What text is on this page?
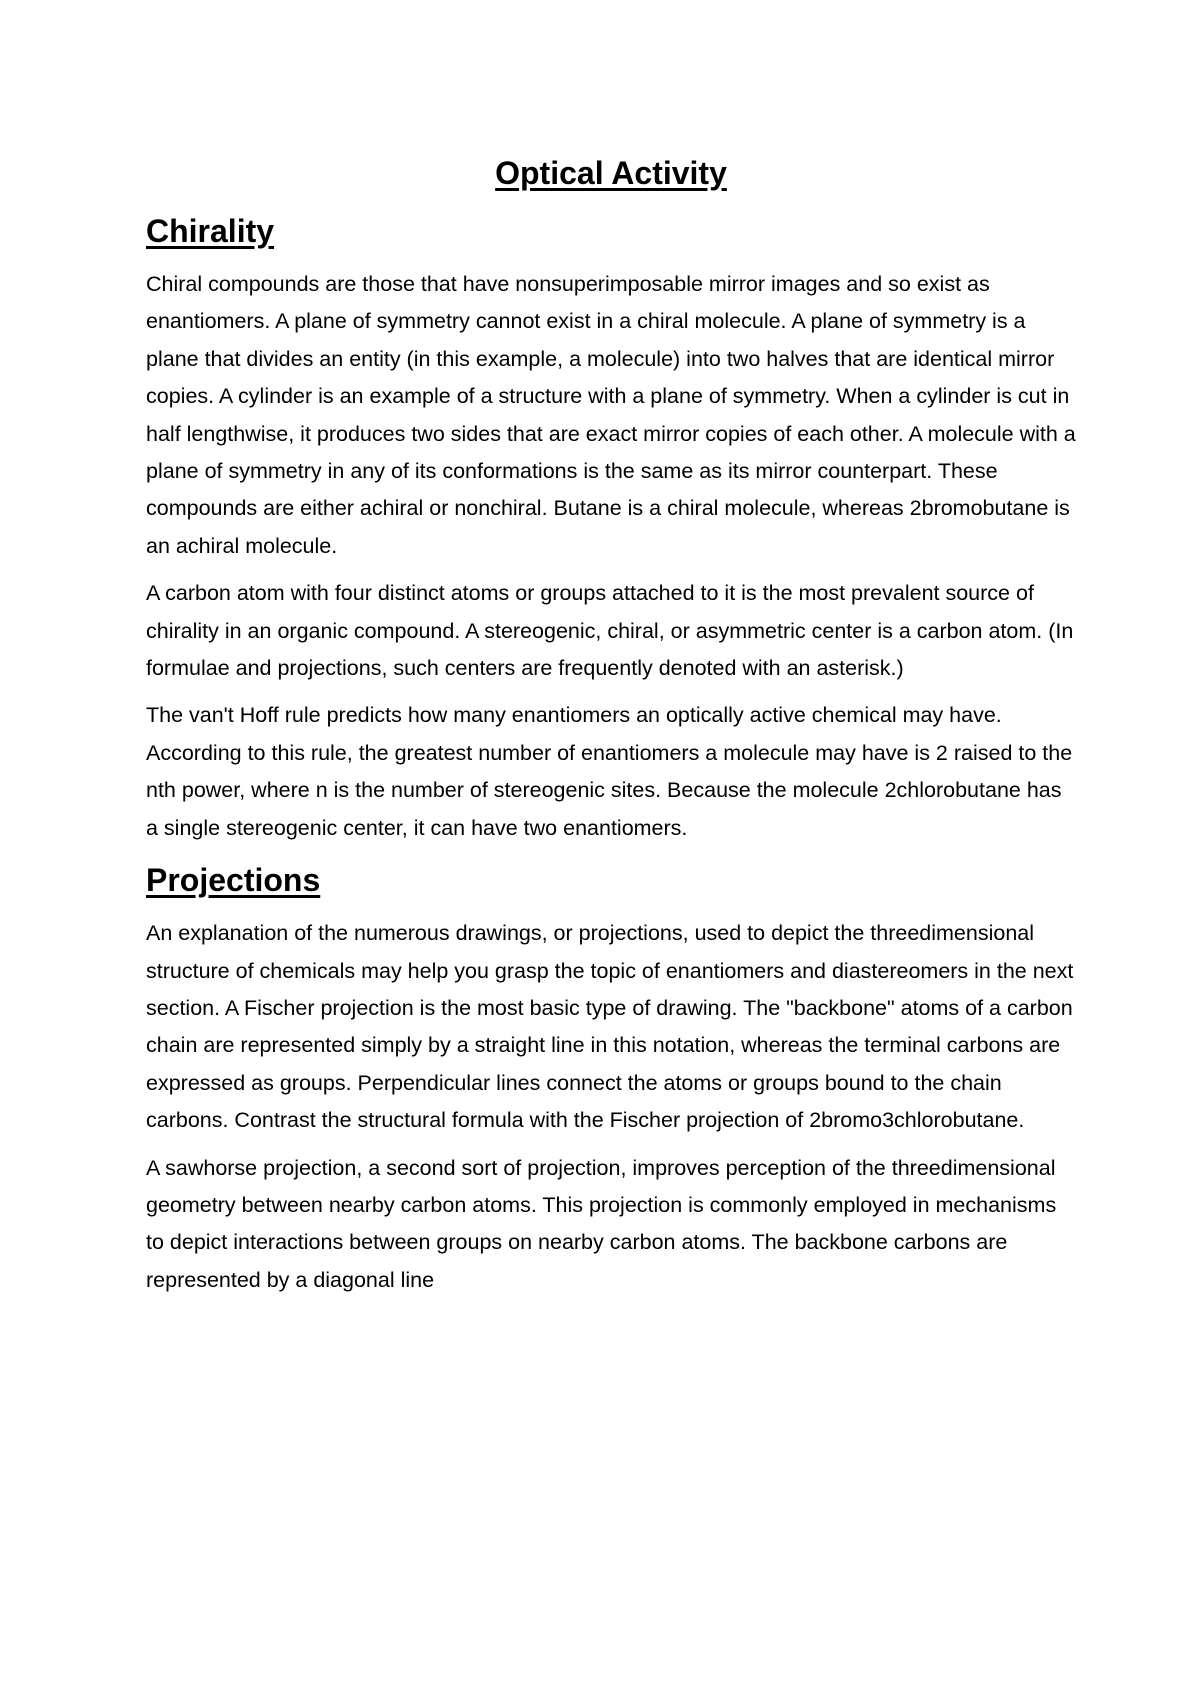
Optical Activity
Chirality

Chiral compounds are those that have nonsuperimposable mirror images and so exist as enantiomers. A plane of symmetry cannot exist in a chiral molecule. A plane of symmetry is a plane that divides an entity (in this example, a molecule) into two halves that are identical mirror copies. A cylinder is an example of a structure with a plane of symmetry. When a cylinder is cut in half lengthwise, it produces two sides that are exact mirror copies of each other. A molecule with a plane of symmetry in any of its conformations is the same as its mirror counterpart. These compounds are either achiral or nonchiral. Butane is a chiral molecule, whereas 2bromobutane is an achiral molecule.

A carbon atom with four distinct atoms or groups attached to it is the most prevalent source of chirality in an organic compound. A stereogenic, chiral, or asymmetric center is a carbon atom. (In formulae and projections, such centers are frequently denoted with an asterisk.)

The van't Hoff rule predicts how many enantiomers an optically active chemical may have. According to this rule, the greatest number of enantiomers a molecule may have is 2 raised to the nth power, where n is the number of stereogenic sites. Because the molecule 2chlorobutane has a single stereogenic center, it can have two enantiomers.

Projections

An explanation of the numerous drawings, or projections, used to depict the threedimensional structure of chemicals may help you grasp the topic of enantiomers and diastereomers in the next section. A Fischer projection is the most basic type of drawing. The "backbone" atoms of a carbon chain are represented simply by a straight line in this notation, whereas the terminal carbons are expressed as groups. Perpendicular lines connect the atoms or groups bound to the chain carbons. Contrast the structural formula with the Fischer projection of 2bromo3chlorobutane.

A sawhorse projection, a second sort of projection, improves perception of the threedimensional geometry between nearby carbon atoms. This projection is commonly employed in mechanisms to depict interactions between groups on nearby carbon atoms. The backbone carbons are represented by a diagonal line
